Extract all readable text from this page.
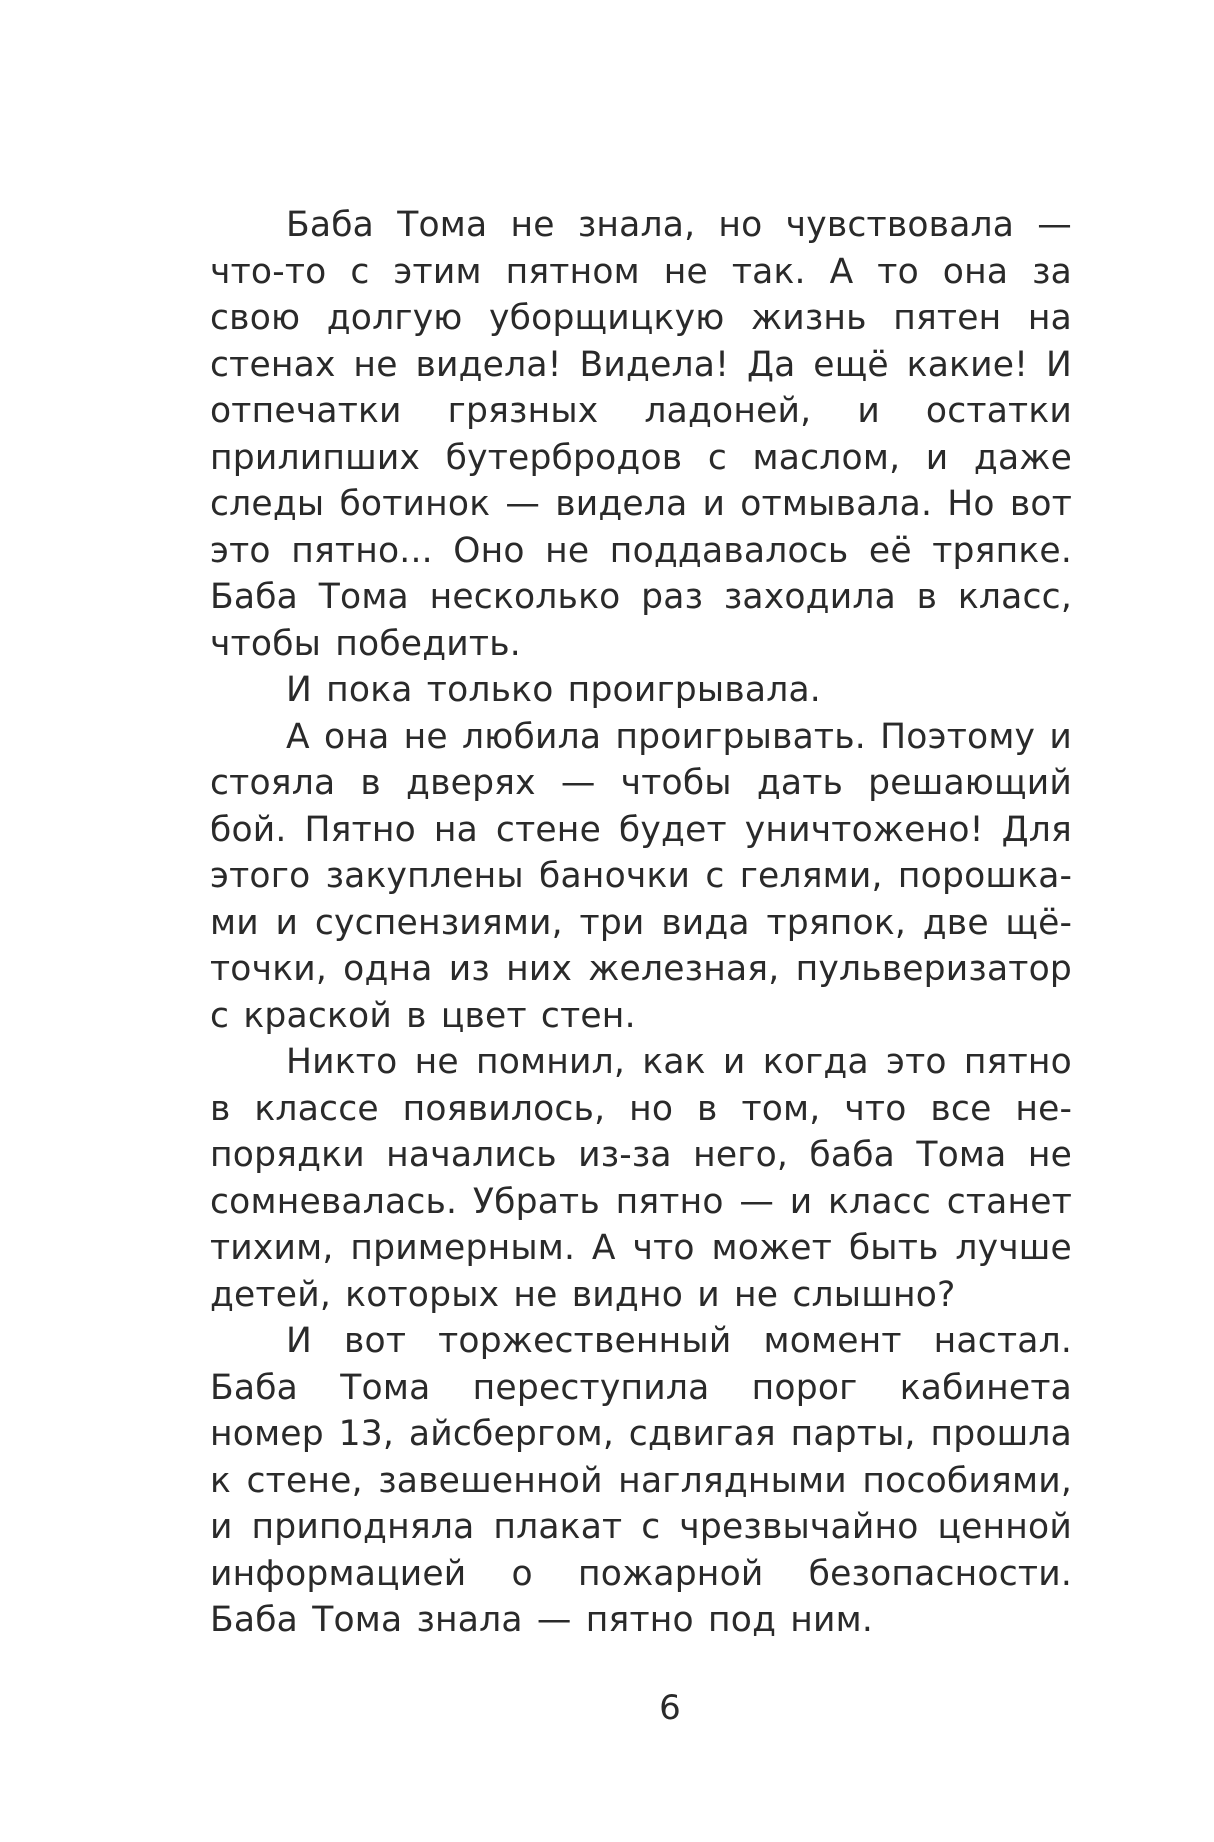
Баба Тома не знала, но чувствовала — что-то с этим пятном не так. А то она за свою долгую уборщицкую жизнь пятен на стенах не видела! Видела! Да ещё какие! И отпечатки грязных ладоней, и остатки прилипших бутербродов с маслом, и даже следы ботинок — видела и отмывала. Но вот это пятно... Оно не поддавалось её тряпке. Баба Тома несколько раз заходила в класс, чтобы победить.

И пока только проигрывала.

А она не любила проигрывать. Поэтому и стояла в дверях — чтобы дать решающий бой. Пятно на стене будет уничтожено! Для этого закуплены баночки с гелями, порошками и суспензиями, три вида тряпок, две щёточки, одна из них железная, пульверизатор с краской в цвет стен.

Никто не помнил, как и когда это пятно в классе появилось, но в том, что все непорядки начались из-за него, баба Тома не сомневалась. Убрать пятно — и класс станет тихим, примерным. А что может быть лучше детей, которых не видно и не слышно?

И вот торжественный момент настал. Баба Тома переступила порог кабинета номер 13, айсбергом, сдвигая парты, прошла к стене, завешенной наглядными пособиями, и приподняла плакат с чрезвычайно ценной информацией о пожарной безопасности. Баба Тома знала — пятно под ним.

6
